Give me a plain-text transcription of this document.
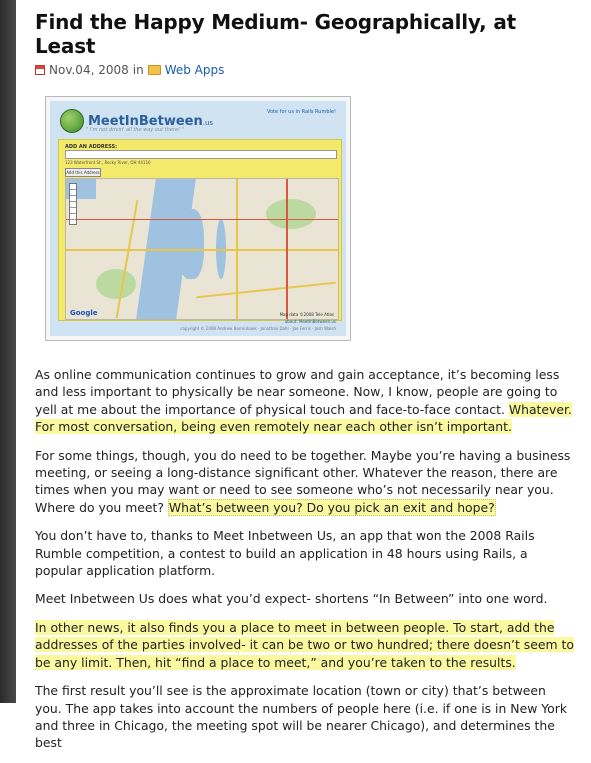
Find the Happy Medium- Geographically, at Least
Nov.04, 2008 in Web Apps
MeetInBetween.us
" i'm not drivin' all the way out there! "
Vote for us in Rails Rumble!
ADD AN ADDRESS:
123 Waterfront St., Rocky River, OH 44116
Add this Address
Google	Map data ©2008 Tele Atlas
about: MeetInBetween.us
copyright © 2008 Andrew Barrenboek · Jonathan Dahl · Joe Ferris · Josh Walsh

As online communication continues to grow and gain acceptance, it’s becoming less and less important to physically be near someone. Now, I know, people are going to yell at me about the importance of physical touch and face-to-face contact. Whatever. For most conversation, being even remotely near each other isn’t important.

For some things, though, you do need to be together. Maybe you’re having a business meeting, or seeing a long-distance significant other. Whatever the reason, there are times when you may want or need to see someone who’s not necessarily near you. Where do you meet? What’s between you? Do you pick an exit and hope?

You don’t have to, thanks to Meet Inbetween Us, an app that won the 2008 Rails Rumble competition, a contest to build an application in 48 hours using Rails, a popular application platform.

Meet Inbetween Us does what you’d expect- shortens “In Between” into one word.

In other news, it also finds you a place to meet in between people. To start, add the addresses of the parties involved- it can be two or two hundred; there doesn’t seem to be any limit. Then, hit “find a place to meet,” and you’re taken to the results.

The first result you’ll see is the approximate location (town or city) that’s between you. The app takes into account the numbers of people here (i.e. if one is in New York and three in Chicago, the meeting spot will be nearer Chicago), and determines the best
